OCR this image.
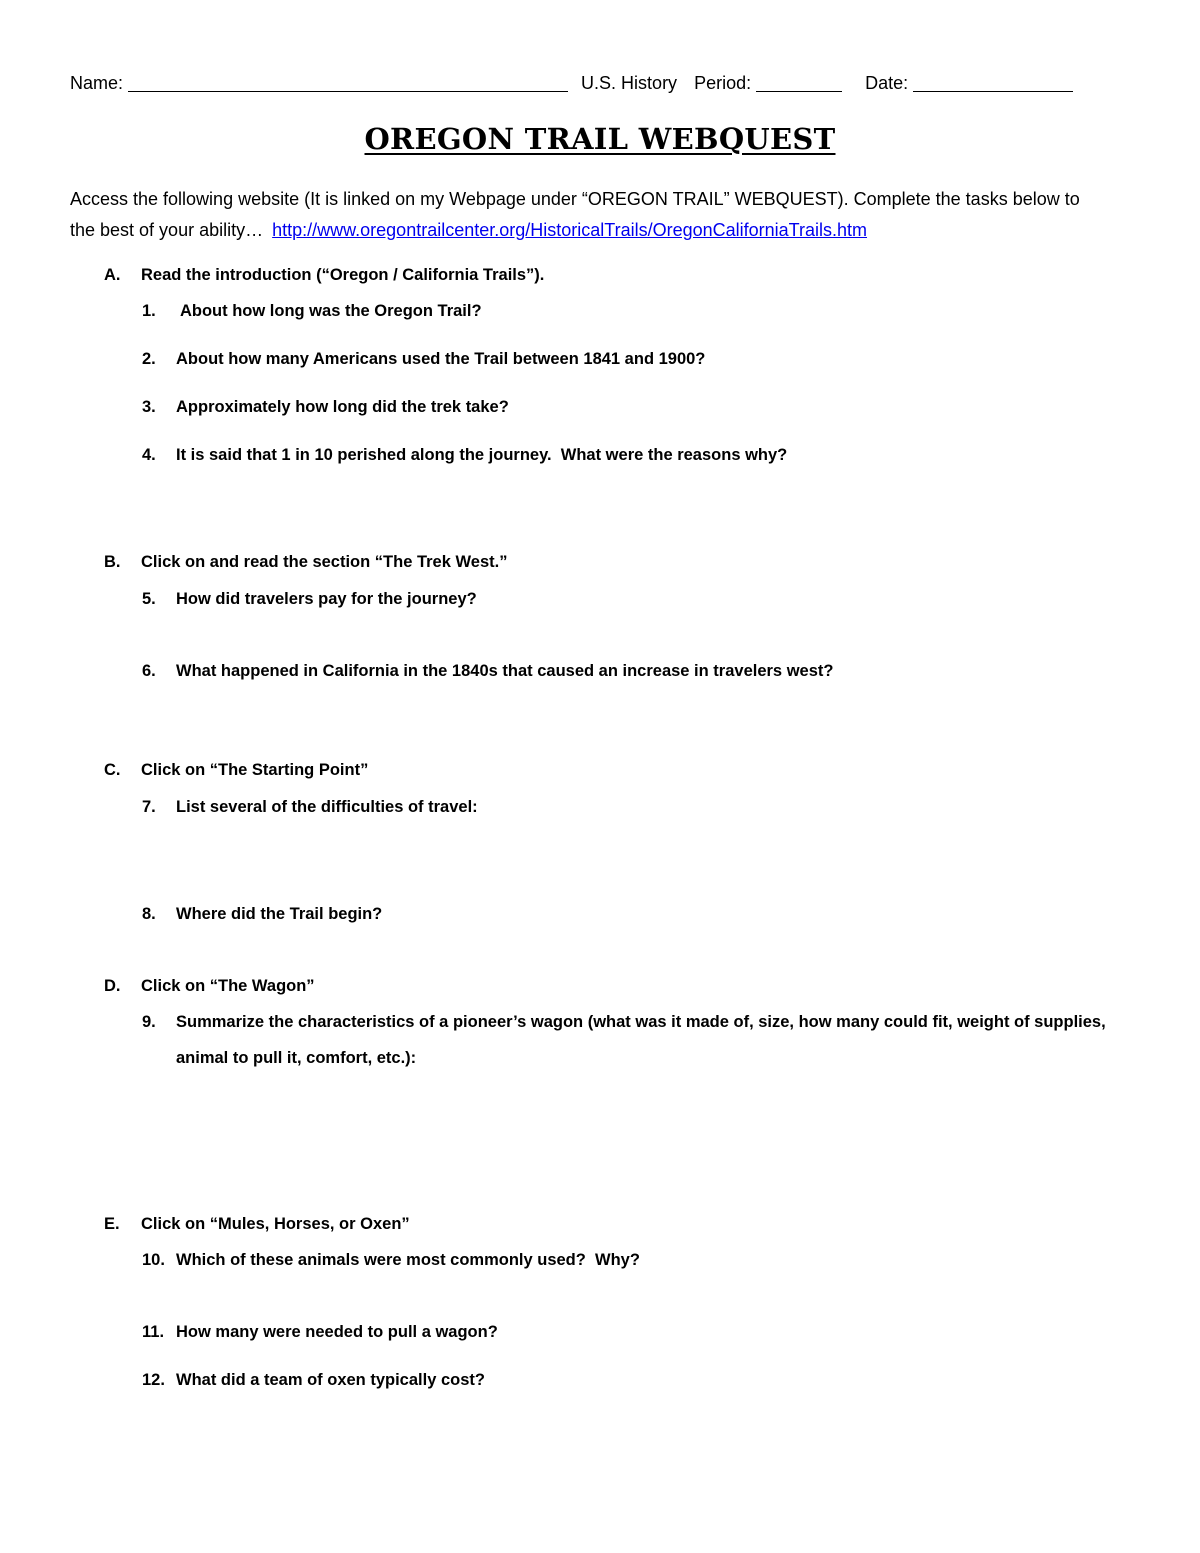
Name:	U.S. History Period:	Date:
OREGON TRAIL WEBQUEST
Access the following website (It is linked on my Webpage under “OREGON TRAIL” WEBQUEST). Complete the tasks below to the best of your ability… http://www.oregontrailcenter.org/HistoricalTrails/OregonCaliforniaTrails.htm
A. Read the introduction (“Oregon / California Trails”).
1.	About how long was the Oregon Trail?
2.	About how many Americans used the Trail between 1841 and 1900?
3.	Approximately how long did the trek take?
4.	It is said that 1 in 10 perished along the journey.  What were the reasons why?
B. Click on and read the section “The Trek West.”
5.	How did travelers pay for the journey?
6.	What happened in California in the 1840s that caused an increase in travelers west?
C. Click on “The Starting Point”
7.	List several of the difficulties of travel:
8.	Where did the Trail begin?
D. Click on “The Wagon”
9.	Summarize the characteristics of a pioneer’s wagon (what was it made of, size, how many could fit, weight of supplies, animal to pull it, comfort, etc.):
E. Click on “Mules, Horses, or Oxen”
10. Which of these animals were most commonly used?  Why?
11. How many were needed to pull a wagon?
12. What did a team of oxen typically cost?
